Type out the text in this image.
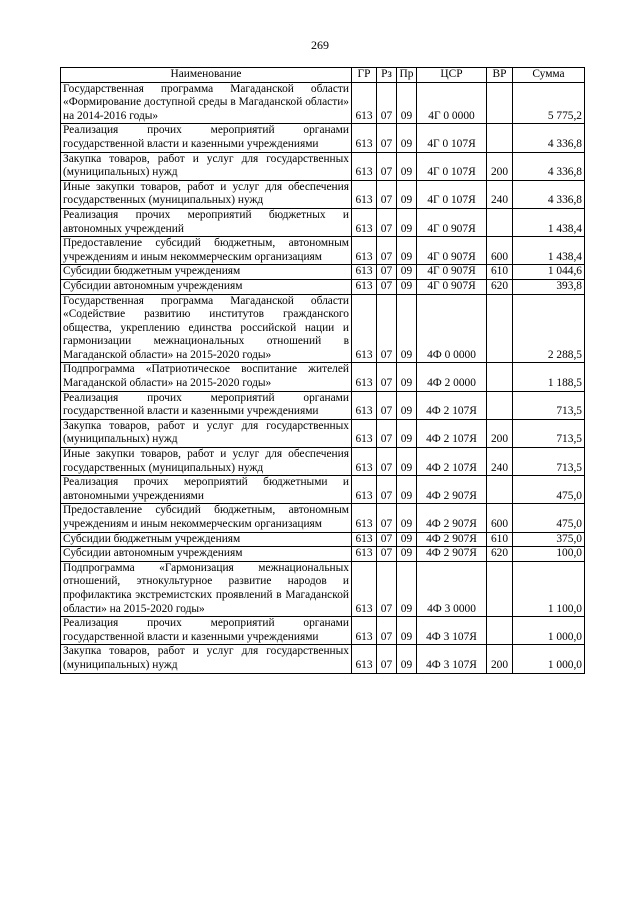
269
Наименование	ГР	Рз	Пр	ЦСР	ВР	Сумма
Государственная программа Магаданской области «Формирование доступной среды в Магаданской области» на 2014-2016 годы»	613	07	09	4Г 0 0000		5 775,2
Реализация прочих мероприятий органами государственной власти и казенными учреждениями	613	07	09	4Г 0 107Я		4 336,8
Закупка товаров, работ и услуг для государственных (муниципальных) нужд	613	07	09	4Г 0 107Я	200	4 336,8
Иные закупки товаров, работ и услуг для обеспечения государственных (муниципальных) нужд	613	07	09	4Г 0 107Я	240	4 336,8
Реализация прочих мероприятий бюджетных и автономных учреждений	613	07	09	4Г 0 907Я		1 438,4
Предоставление субсидий бюджетным, автономным учреждениям и иным некоммерческим организациям	613	07	09	4Г 0 907Я	600	1 438,4
Субсидии бюджетным учреждениям	613	07	09	4Г 0 907Я	610	1 044,6
Субсидии автономным учреждениям	613	07	09	4Г 0 907Я	620	393,8
Государственная программа Магаданской области «Содействие развитию институтов гражданского общества, укреплению единства российской нации и гармонизации межнациональных отношений в Магаданской области» на 2015-2020 годы»	613	07	09	4Ф 0 0000		2 288,5
Подпрограмма «Патриотическое воспитание жителей Магаданской области» на 2015-2020 годы»	613	07	09	4Ф 2 0000		1 188,5
Реализация прочих мероприятий органами государственной власти и казенными учреждениями	613	07	09	4Ф 2 107Я		713,5
Закупка товаров, работ и услуг для государственных (муниципальных) нужд	613	07	09	4Ф 2 107Я	200	713,5
Иные закупки товаров, работ и услуг для обеспечения государственных (муниципальных) нужд	613	07	09	4Ф 2 107Я	240	713,5
Реализация прочих мероприятий бюджетными и автономными учреждениями	613	07	09	4Ф 2 907Я		475,0
Предоставление субсидий бюджетным, автономным учреждениям и иным некоммерческим организациям	613	07	09	4Ф 2 907Я	600	475,0
Субсидии бюджетным учреждениям	613	07	09	4Ф 2 907Я	610	375,0
Субсидии автономным учреждениям	613	07	09	4Ф 2 907Я	620	100,0
Подпрограмма «Гармонизация межнациональных отношений, этнокультурное развитие народов и профилактика экстремистских проявлений в Магаданской области» на 2015-2020 годы»	613	07	09	4Ф 3 0000		1 100,0
Реализация прочих мероприятий органами государственной власти и казенными учреждениями	613	07	09	4Ф 3 107Я		1 000,0
Закупка товаров, работ и услуг для государственных (муниципальных) нужд	613	07	09	4Ф 3 107Я	200	1 000,0
